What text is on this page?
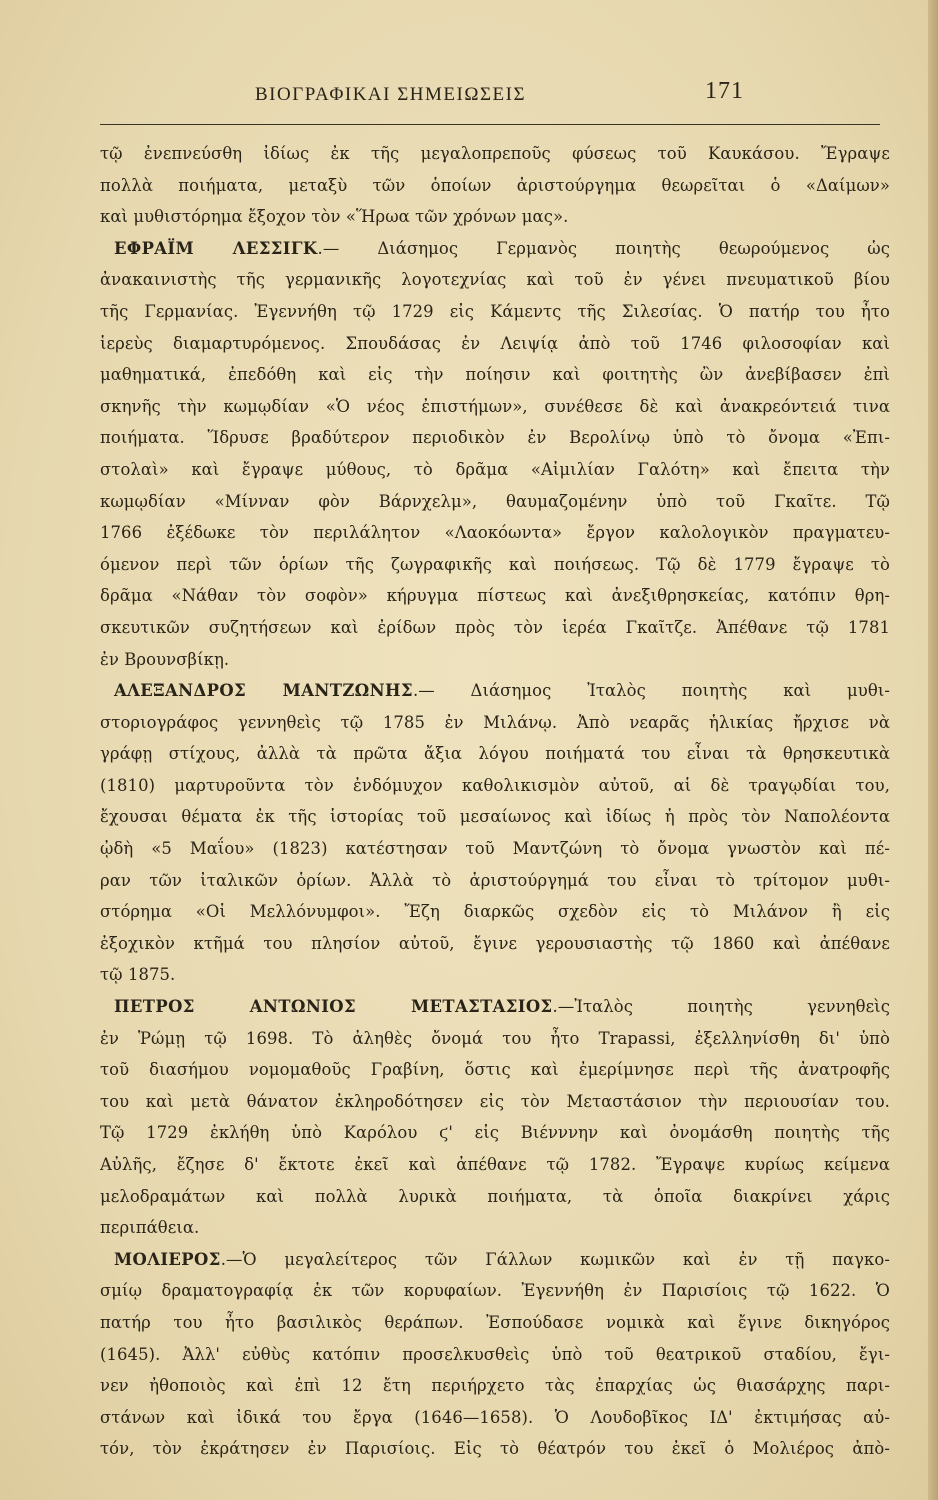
ΒΙΟΓΡΑΦΙΚΑΙ ΣΗΜΕΙΩΣΕΙΣ	171
τῷ ἐνεπνεύσθη ἰδίως ἐκ τῆς μεγαλοπρεποῦς φύσεως τοῦ Καυκάσου. Ἔγραψε
πολλὰ ποιήματα, μεταξὺ τῶν ὁποίων ἀριστούργημα θεωρεῖται ὁ «Δαίμων»
καὶ μυθιστόρημα ἔξοχον τὸν «Ἥρωα τῶν χρόνων μας».
ΕΦΡΑΪΜ ΛΕΣΣΙΓΚ.— Διάσημος Γερμανὸς ποιητὴς θεωρούμενος ὡς
ἀνακαινιστὴς τῆς γερμανικῆς λογοτεχνίας καὶ τοῦ ἐν γένει πνευματικοῦ βίου
τῆς Γερμανίας. Ἐγεννήθη τῷ 1729 εἰς Κάμεντς τῆς Σιλεσίας. Ὁ πατήρ του ἦτο
ἱερεὺς διαμαρτυρόμενος. Σπουδάσας ἐν Λειψίᾳ ἀπὸ τοῦ 1746 φιλοσοφίαν καὶ
μαθηματικά, ἐπεδόθη καὶ εἰς τὴν ποίησιν καὶ φοιτητὴς ὢν ἀνεβίβασεν ἐπὶ
σκηνῆς τὴν κωμῳδίαν «Ὁ νέος ἐπιστήμων», συνέθεσε δὲ καὶ ἀνακρεόντειά τινα
ποιήματα. Ἵδρυσε βραδύτερον περιοδικὸν ἐν Βερολίνῳ ὑπὸ τὸ ὄνομα «Ἐπι-
στολαὶ» καὶ ἔγραψε μύθους, τὸ δρᾶμα «Αἰμιλίαν Γαλότη» καὶ ἔπειτα τὴν
κωμῳδίαν «Μίνναν φὸν Βάρνχελμ», θαυμαζομένην ὑπὸ τοῦ Γκαῖτε. Τῷ
1766 ἐξέδωκε τὸν περιλάλητον «Λαοκόωντα» ἔργον καλολογικὸν πραγματευ-
όμενον περὶ τῶν ὁρίων τῆς ζωγραφικῆς καὶ ποιήσεως. Τῷ δὲ 1779 ἔγραψε τὸ
δρᾶμα «Νάθαν τὸν σοφὸν» κήρυγμα πίστεως καὶ ἀνεξιθρησκείας, κατόπιν θρη-
σκευτικῶν συζητήσεων καὶ ἐρίδων πρὸς τὸν ἱερέα Γκαῖτζε. Ἀπέθανε τῷ 1781
ἐν Βρουνσβίκῃ.
ΑΛΕΞΑΝΔΡΟΣ ΜΑΝΤΖΩΝΗΣ.— Διάσημος Ἰταλὸς ποιητὴς καὶ μυθι-
στοριογράφος γεννηθεὶς τῷ 1785 ἐν Μιλάνῳ. Ἀπὸ νεαρᾶς ἡλικίας ἤρχισε νὰ
γράφῃ στίχους, ἀλλὰ τὰ πρῶτα ἄξια λόγου ποιήματά του εἶναι τὰ θρησκευτικὰ
(1810) μαρτυροῦντα τὸν ἐνδόμυχον καθολικισμὸν αὐτοῦ, αἱ δὲ τραγῳδίαι του,
ἔχουσαι θέματα ἐκ τῆς ἱστορίας τοῦ μεσαίωνος καὶ ἰδίως ἡ πρὸς τὸν Ναπολέοντα
ᾠδὴ «5 Μαΐου» (1823) κατέστησαν τοῦ Μαντζώνη τὸ ὄνομα γνωστὸν καὶ πέ-
ραν τῶν ἰταλικῶν ὁρίων. Ἀλλὰ τὸ ἀριστούργημά του εἶναι τὸ τρίτομον μυθι-
στόρημα «Οἱ Μελλόνυμφοι». Ἔζη διαρκῶς σχεδὸν εἰς τὸ Μιλάνον ἢ εἰς
ἐξοχικὸν κτῆμά του πλησίον αὐτοῦ, ἔγινε γερουσιαστὴς τῷ 1860 καὶ ἀπέθανε
τῷ 1875.
ΠΕΤΡΟΣ ΑΝΤΩΝΙΟΣ ΜΕΤΑΣΤΑΣΙΟΣ.—Ἰταλὸς ποιητὴς γεννηθεὶς
ἐν Ῥώμῃ τῷ 1698. Τὸ ἀληθὲς ὄνομά του ἦτο Trapassi, ἐξελληνίσθη δι' ὑπὸ
τοῦ διασήμου νομομαθοῦς Γραβίνη, ὅστις καὶ ἐμερίμνησε περὶ τῆς ἀνατροφῆς
του καὶ μετὰ θάνατον ἐκληροδότησεν εἰς τὸν Μεταστάσιον τὴν περιουσίαν του.
Τῷ 1729 ἐκλήθη ὑπὸ Καρόλου ϛ' εἰς Βιένννην καὶ ὀνομάσθη ποιητὴς τῆς
Αὐλῆς, ἔζησε δ' ἔκτοτε ἐκεῖ καὶ ἀπέθανε τῷ 1782. Ἔγραψε κυρίως κείμενα
μελοδραμάτων καὶ πολλὰ λυρικὰ ποιήματα, τὰ ὁποῖα διακρίνει χάρις
περιπάθεια.
ΜΟΛΙΕΡΟΣ.—Ὁ μεγαλείτερος τῶν Γάλλων κωμικῶν καὶ ἐν τῇ παγκο-
σμίῳ δραματογραφίᾳ ἐκ τῶν κορυφαίων. Ἐγεννήθη ἐν Παρισίοις τῷ 1622. Ὁ
πατήρ του ἦτο βασιλικὸς θεράπων. Ἐσπούδασε νομικὰ καὶ ἔγινε δικηγόρος
(1645). Ἀλλ' εὐθὺς κατόπιν προσελκυσθεὶς ὑπὸ τοῦ θεατρικοῦ σταδίου, ἔγι-
νεν ἠθοποιὸς καὶ ἐπὶ 12 ἔτη περιήρχετο τὰς ἐπαρχίας ὡς θιασάρχης παρι-
στάνων καὶ ἰδικά του ἔργα (1646—1658). Ὁ Λουδοβῖκος ΙΔ' ἐκτιμήσας αὐ-
τόν, τὸν ἐκράτησεν ἐν Παρισίοις. Εἰς τὸ θέατρόν του ἐκεῖ ὁ Μολιέρος ἀπὸ-
